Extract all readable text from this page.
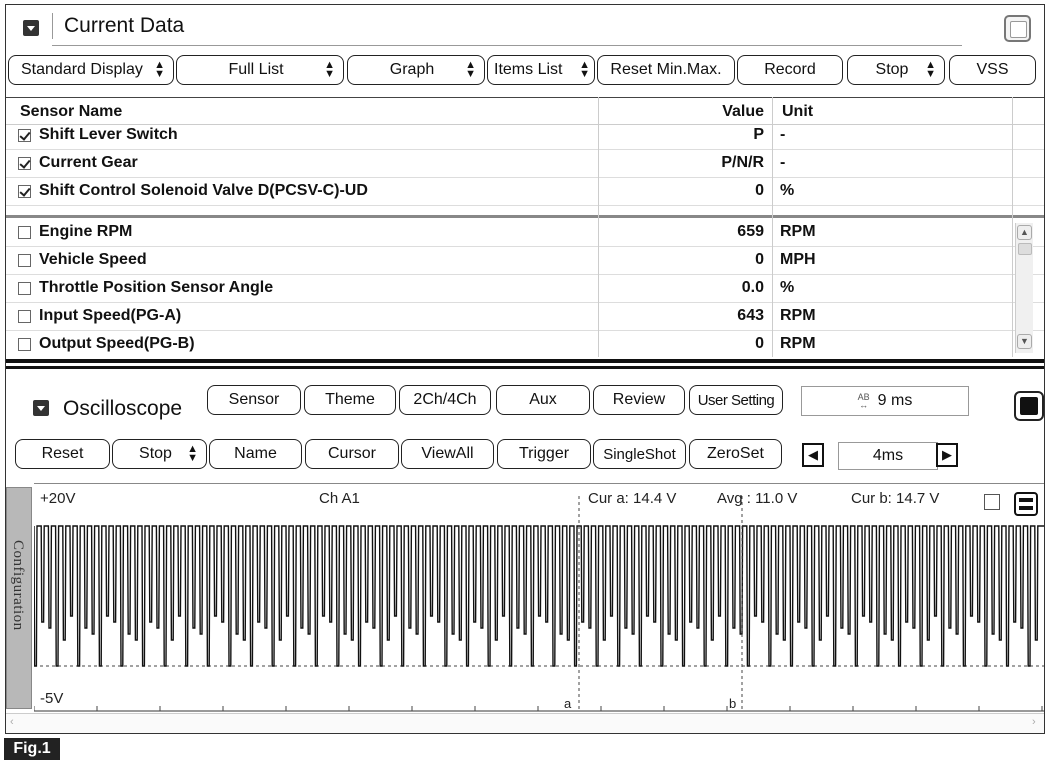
Current Data
Standard Display ▲
▼	Full List	▲
▼	Graph	▲
▼ Items List ▲
▼	Reset Min.Max.	Record	Stop ▲
▼	VSS
Sensor Name	Value Unit
Shift Lever Switch	P -
Current Gear	P/N/R -
Shift Control Solenoid Valve D(PCSV-C)-UD	0 %
Engine RPM	659 RPM
Vehicle Speed	0 MPH
Throttle Position Sensor Angle	0.0 %
Input Speed(PG-A)	643 RPM
Output Speed(PG-B)	0 RPM
▲
▼
Oscilloscope	Sensor	Theme	2Ch/4Ch	Aux	Review	User Setting	AB
↔ 9 ms
Reset	Stop ▲
▼	Name	Cursor	ViewAll	Trigger	SingleShot	ZeroSet	◀	4ms	▶
Configuration
+20V
-5V
Ch A1	Cur a: 14.4 V	Avg : 11.0 V	Cur b: 14.7 V
a	b
‹	›
Fig.1
